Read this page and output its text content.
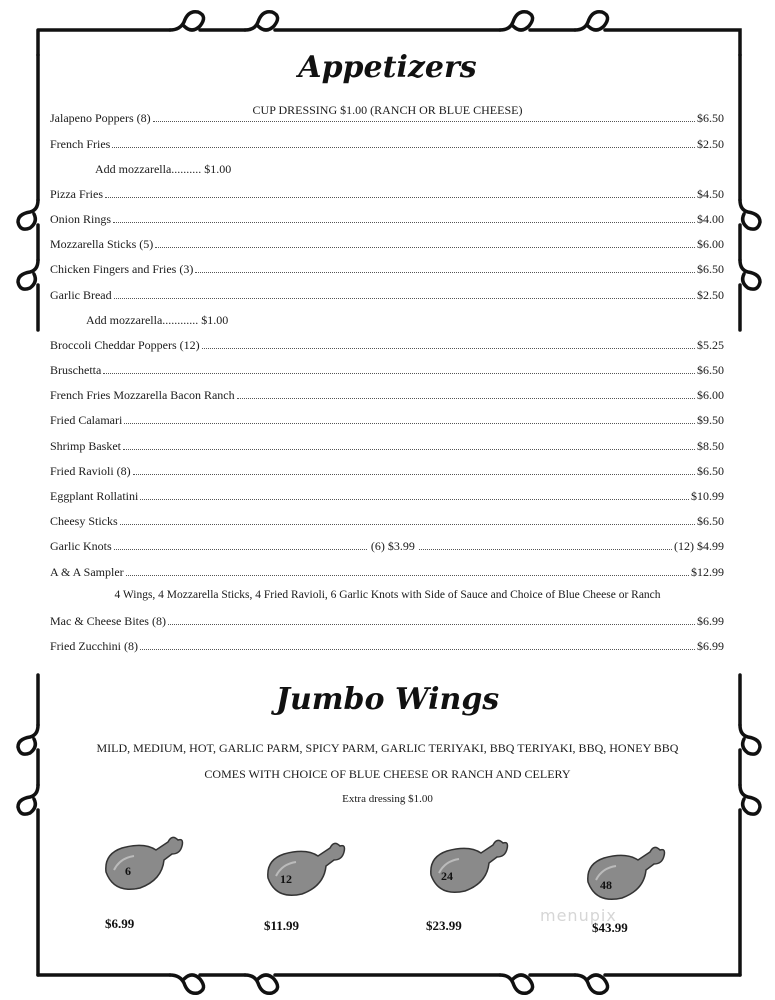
Appetizers
CUP DRESSING $1.00 (RANCH OR BLUE CHEESE)
Jalapeno Poppers (8)	$6.50
French Fries	$2.50
Pizza Fries	$4.50
Onion Rings	$4.00
Mozzarella Sticks (5)	$6.00
Chicken Fingers and Fries (3)	$6.50
Garlic Bread	$2.50
Broccoli Cheddar Poppers (12)	$5.25
Bruschetta	$6.50
French Fries Mozzarella Bacon Ranch	$6.00
Fried Calamari	$9.50
Shrimp Basket	$8.50
Fried Ravioli (8)	$6.50
Eggplant Rollatini	$10.99
Cheesy Sticks	$6.50
Garlic Knots	(6) $3.99	(12) $4.99
A & A Sampler	$12.99
Mac & Cheese Bites (8)	$6.99
Fried Zucchini (8)	$6.99
Add mozzarella.......... $1.00
Add mozzarella............ $1.00
4 Wings, 4 Mozzarella Sticks, 4 Fried Ravioli, 6 Garlic Knots with Side of Sauce and Choice of Blue Cheese or Ranch
Jumbo Wings
MILD, MEDIUM, HOT, GARLIC PARM, SPICY PARM, GARLIC TERIYAKI, BBQ TERIYAKI, BBQ, HONEY BBQ
COMES WITH CHOICE OF BLUE CHEESE OR RANCH AND CELERY
Extra dressing $1.00
6
12	24
48
$6.99	$11.99	$23.99	$43.99
menupix
